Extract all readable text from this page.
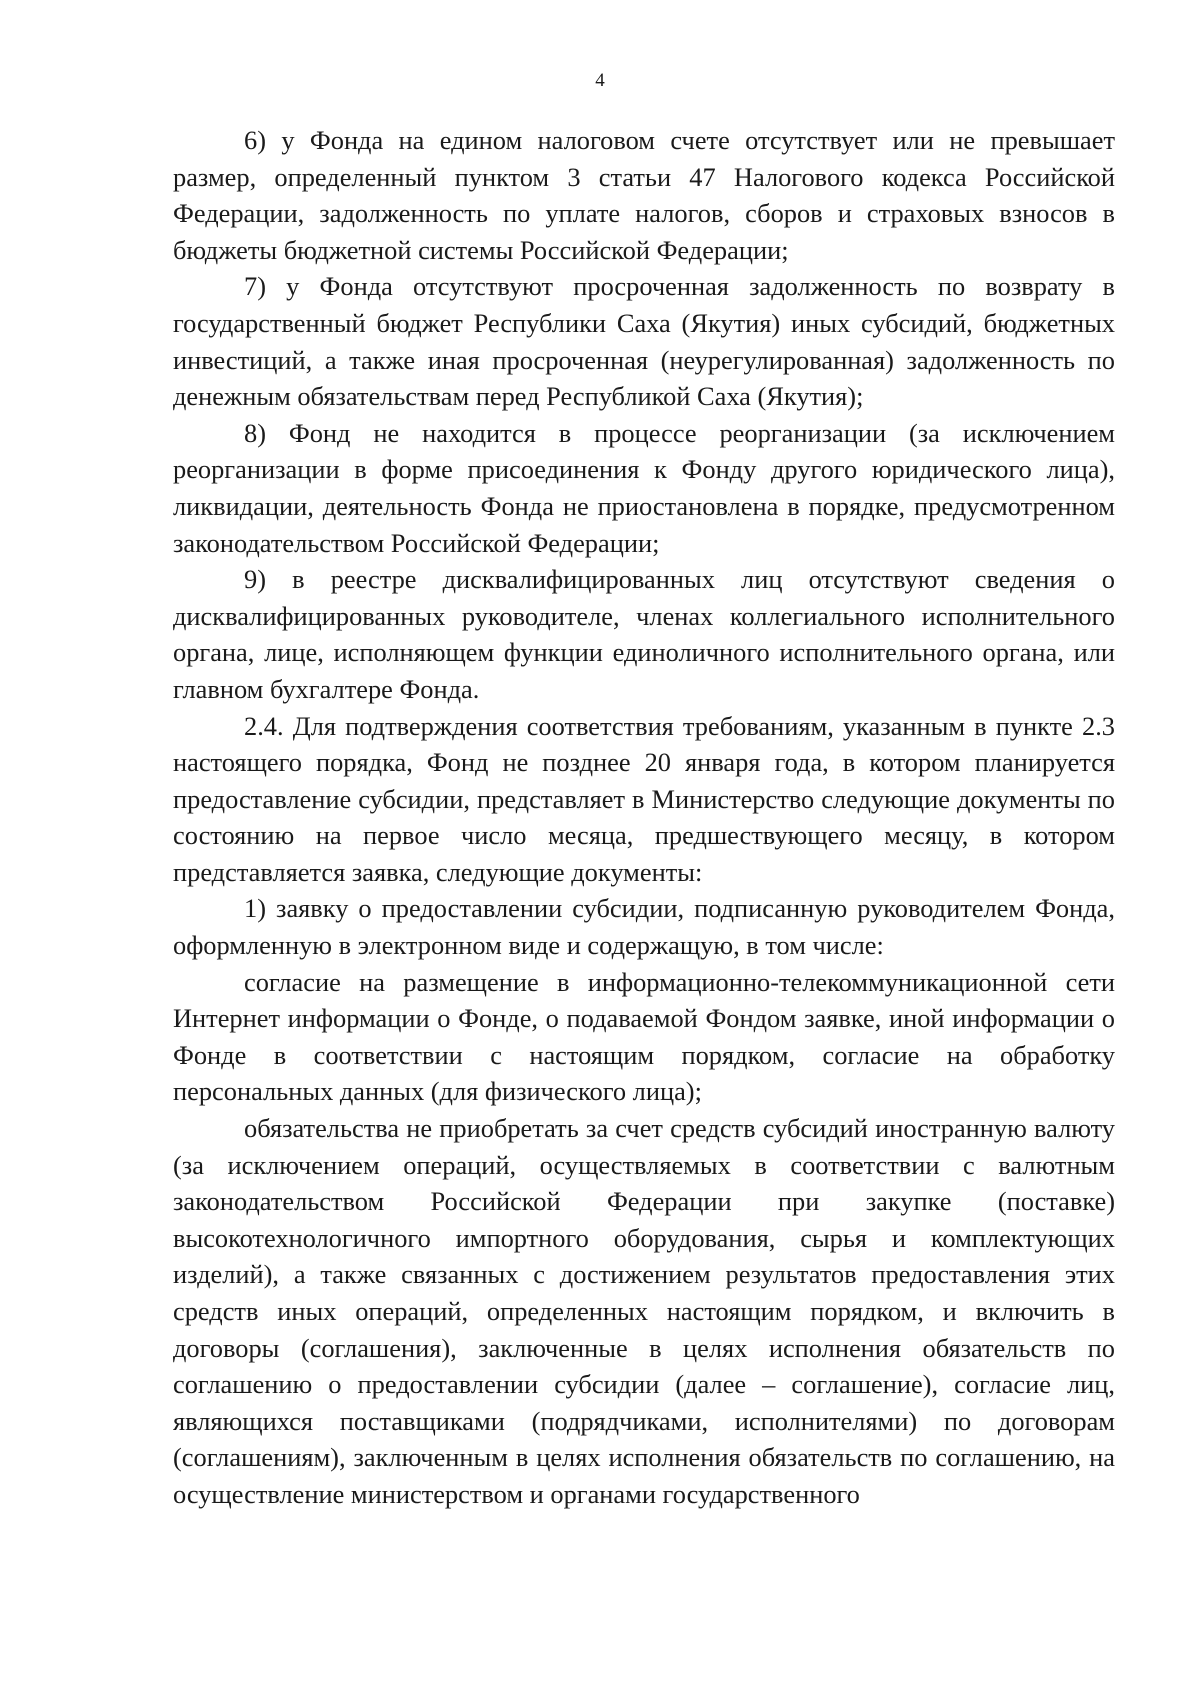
4

6) у Фонда на едином налоговом счете отсутствует или не превышает размер, определенный пунктом 3 статьи 47 Налогового кодекса Российской Федерации, задолженность по уплате налогов, сборов и страховых взносов в бюджеты бюджетной системы Российской Федерации;

7) у Фонда отсутствуют просроченная задолженность по возврату в государственный бюджет Республики Саха (Якутия) иных субсидий, бюджетных инвестиций, а также иная просроченная (неурегулированная) задолженность по денежным обязательствам перед Республикой Саха (Якутия);

8) Фонд не находится в процессе реорганизации (за исключением реорганизации в форме присоединения к Фонду другого юридического лица), ликвидации, деятельность Фонда не приостановлена в порядке, предусмотренном законодательством Российской Федерации;

9) в реестре дисквалифицированных лиц отсутствуют сведения о дисквалифицированных руководителе, членах коллегиального исполнительного органа, лице, исполняющем функции единоличного исполнительного органа, или главном бухгалтере Фонда.

2.4. Для подтверждения соответствия требованиям, указанным в пункте 2.3 настоящего порядка, Фонд не позднее 20 января года, в котором планируется предоставление субсидии, представляет в Министерство следующие документы по состоянию на первое число месяца, предшествующего месяцу, в котором представляется заявка, следующие документы:

1) заявку о предоставлении субсидии, подписанную руководителем Фонда, оформленную в электронном виде и содержащую, в том числе:

согласие на размещение в информационно-телекоммуникационной сети Интернет информации о Фонде, о подаваемой Фондом заявке, иной информации о Фонде в соответствии с настоящим порядком, согласие на обработку персональных данных (для физического лица);

обязательства не приобретать за счет средств субсидий иностранную валюту (за исключением операций, осуществляемых в соответствии с валютным законодательством Российской Федерации при закупке (поставке) высокотехнологичного импортного оборудования, сырья и комплектующих изделий), а также связанных с достижением результатов предоставления этих средств иных операций, определенных настоящим порядком, и включить в договоры (соглашения), заключенные в целях исполнения обязательств по соглашению о предоставлении субсидии (далее – соглашение), согласие лиц, являющихся поставщиками (подрядчиками, исполнителями) по договорам (соглашениям), заключенным в целях исполнения обязательств по соглашению, на осуществление министерством и органами государственного
